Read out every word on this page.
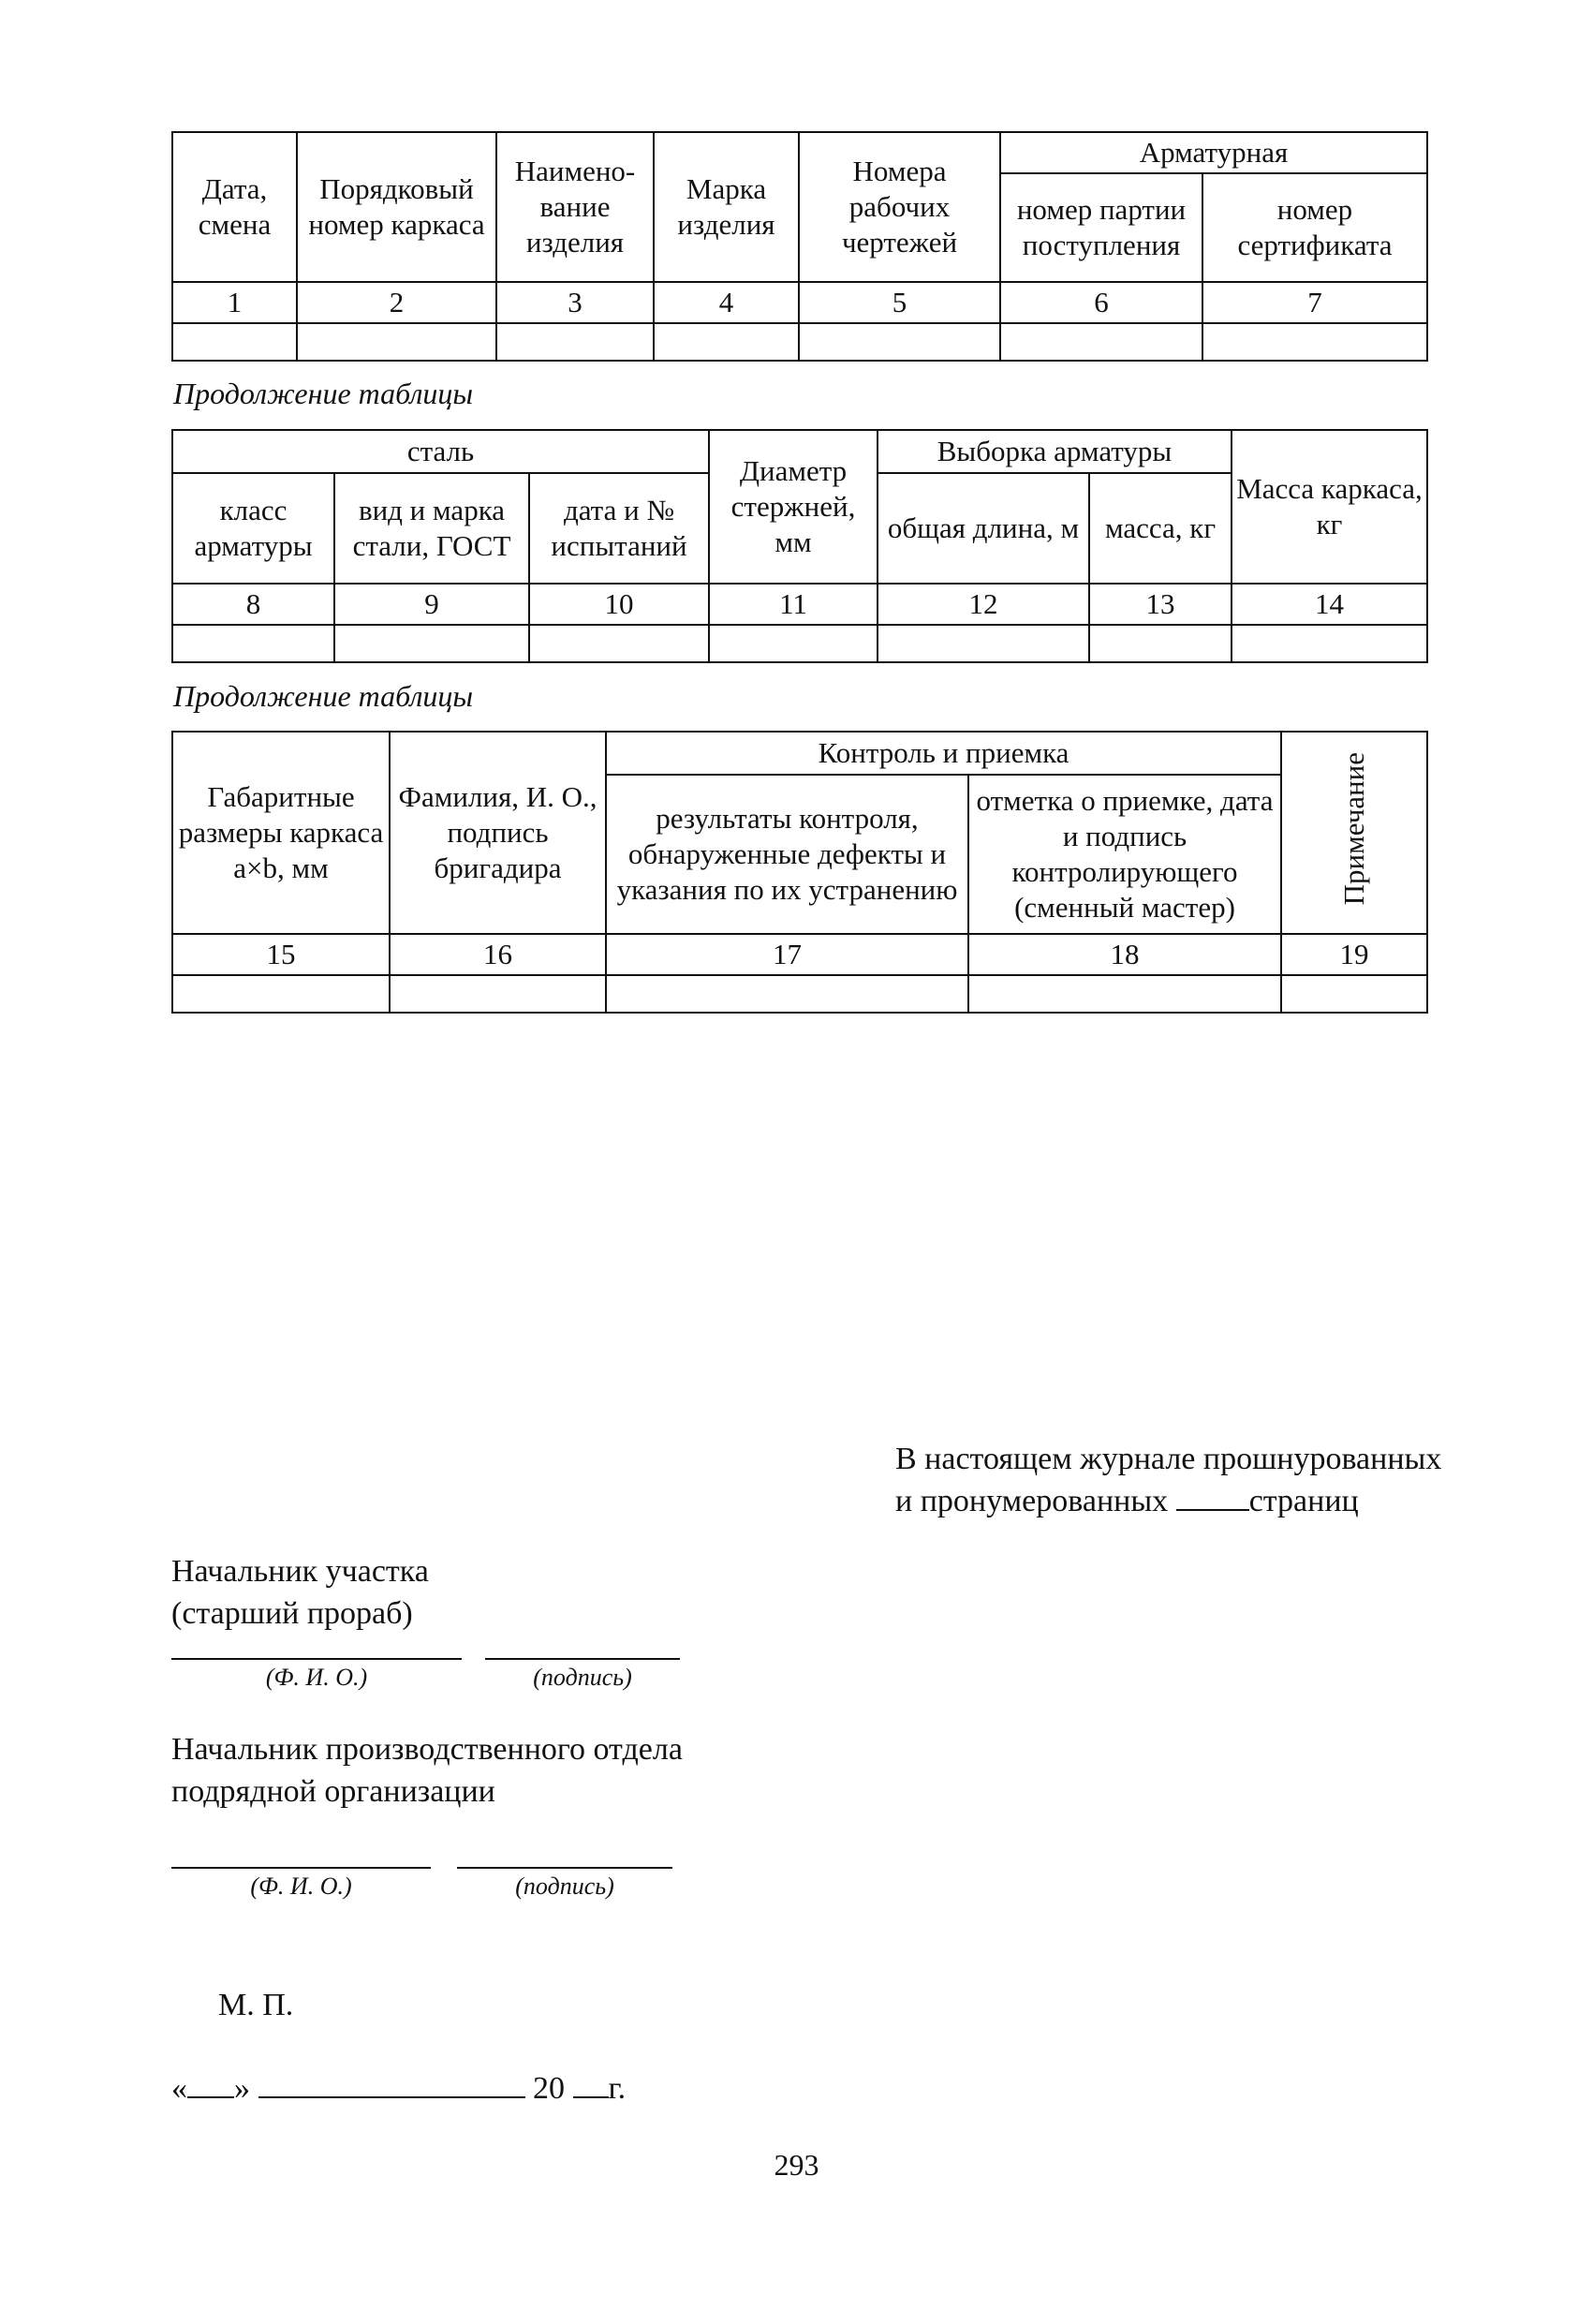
Дата, смена	Порядковый номер каркаса	Наимено-вание изделия	Марка изделия	Номера рабочих чертежей	Арматурная	
					номер партии поступления	номер сертификата
1	2	3	4	5	6	7

Продолжение таблицы
сталь			Диаметр стержней, мм	Выборка арматуры		Масса каркаса, кг
класс арматуры	вид и марка стали, ГОСТ	дата и № испытаний		общая длина, м	масса, кг	
8	9	10	11	12	13	14

Продолжение таблицы
Габаритные размеры каркаса a×b, мм	Фамилия, И. О., подпись бригадира	Контроль и приемка		Примечание
		результаты контроля, обнаруженные дефекты и указания по их устранению	отметка о приемке, дата и подпись контролирующего (сменный мастер)	
15	16	17	18	19

В настоящем журнале прошнурованных
и пронумерованных	страниц
Начальник участка
(старший прораб)
(Ф. И. О.)	(подпись)
Начальник производственного отдела
подрядной организации
(Ф. И. О.)	(подпись)
М. П.
« »	20 г.
293
